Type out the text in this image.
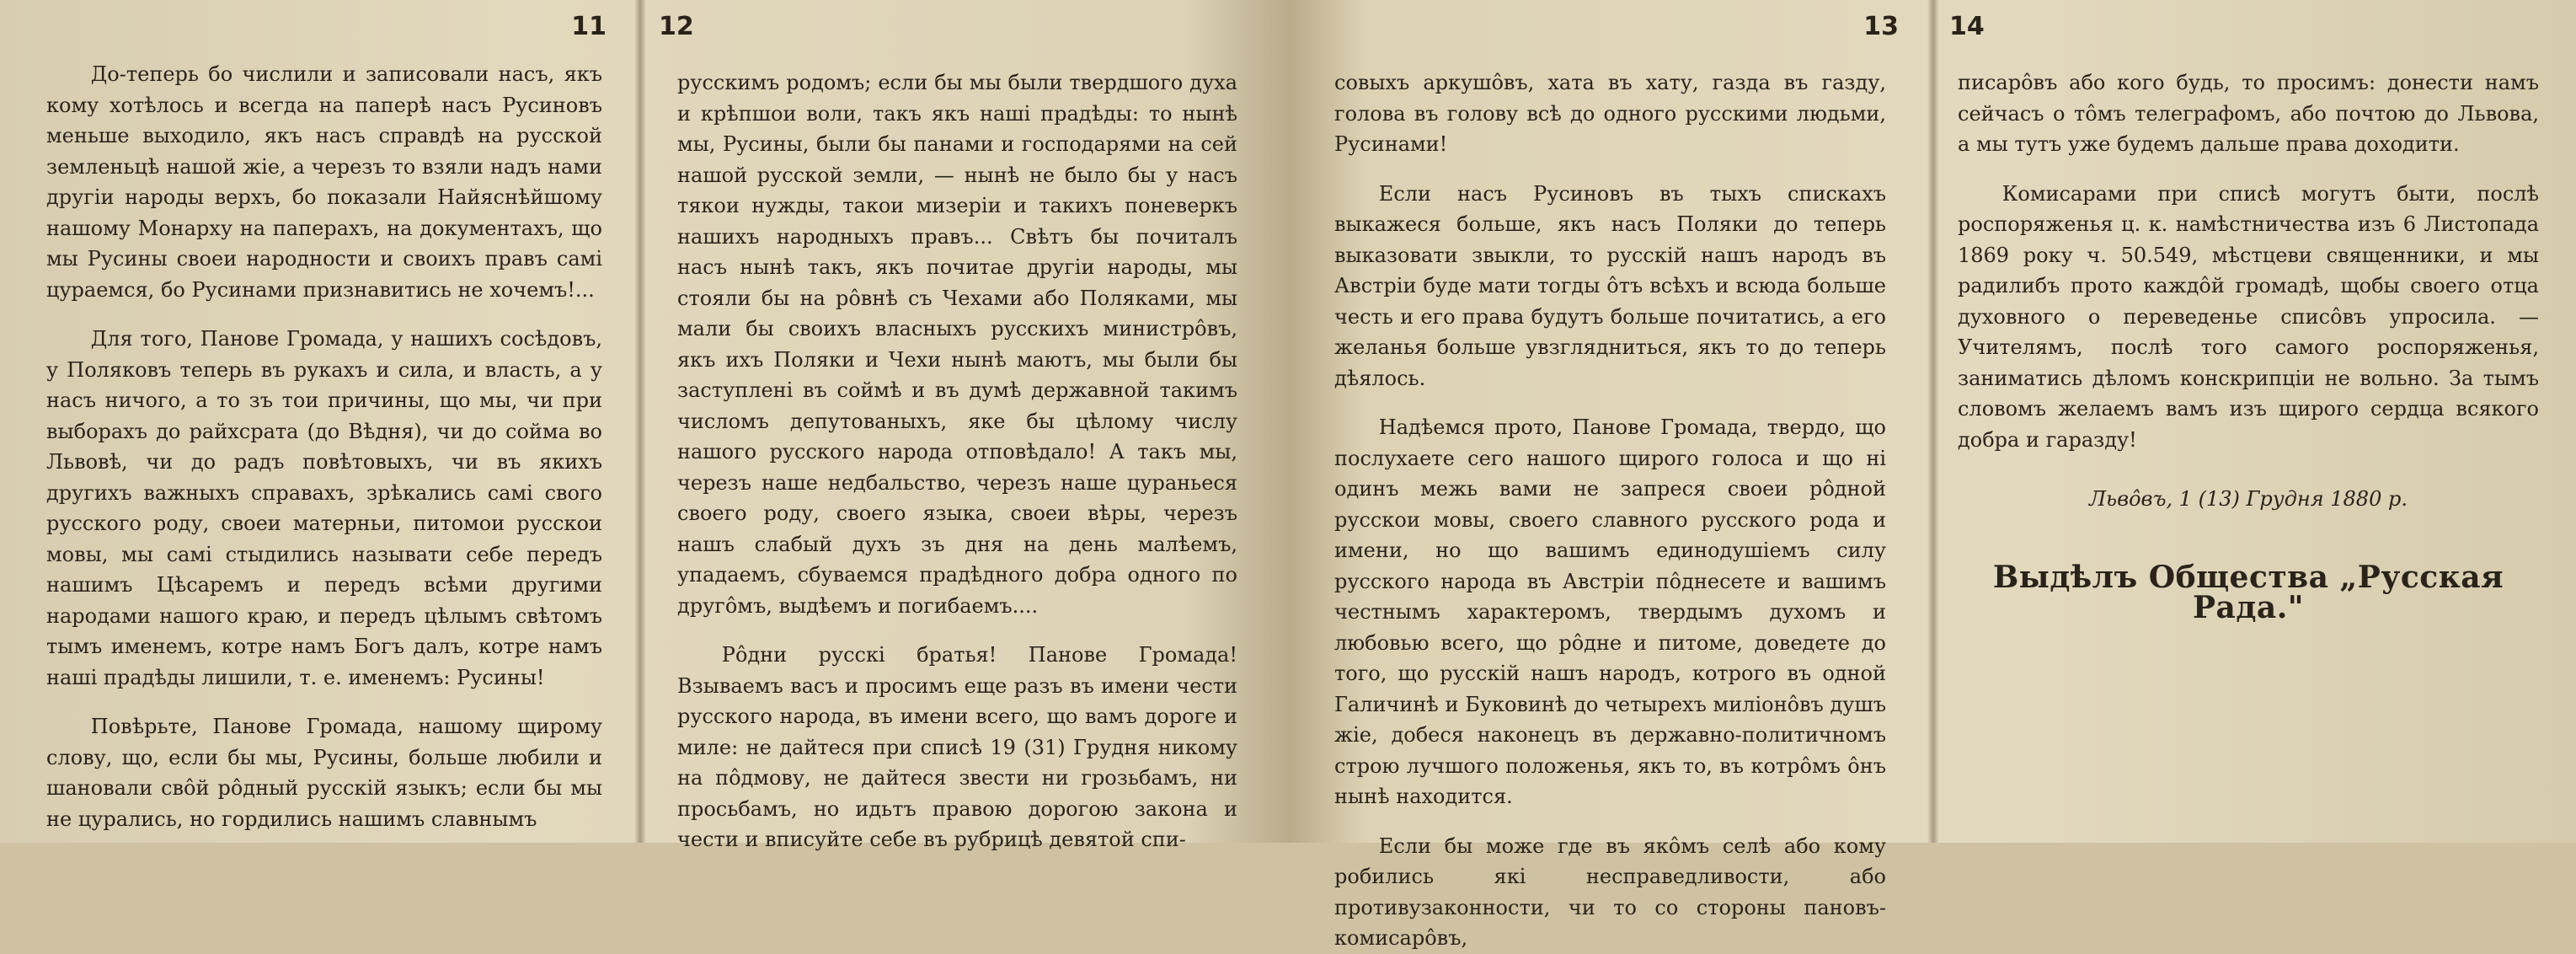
11

До-теперь бо числили и записовали насъ, якъ кому хотѣлось и всегда на паперѣ насъ Русиновъ меньше выходило, якъ насъ справдѣ на русской земленьцѣ нашой жіе, а черезъ то взяли надъ нами другіи народы верхъ, бо показали Найяснѣйшому нашому Монарху на паперахъ, на документахъ, що мы Русины своеи народности и своихъ правъ самі цураемся, бо Русинами признавитись не хочемъ!...

Для того, Панове Громада, у нашихъ сосѣдовъ, у Поляковъ теперь въ рукахъ и сила, и власть, а у насъ ничого, а то зъ тои причины, що мы, чи при выборахъ до райхсрата (до Вѣдня), чи до соймa во Львовѣ, чи до радъ повѣтовыхъ, чи въ якихъ другихъ важныхъ справахъ, зрѣкались самі свого русского роду, своеи матерньи, питомои русскои мовы, мы самі стыдились называти себе передъ нашимъ Цѣсаремъ и передъ всѣми другими народами нашого краю, и передъ цѣлымъ свѣтомъ тымъ именемъ, котре намъ Богъ далъ, котре намъ нашi прадѣды лишили, т. е. именемъ: Русины!

Повѣрьте, Панове Громада, нашому щирому слову, що, если бы мы, Русины, больше любили и шановали свôй рôдный русскій языкъ; если бы мы не цурались, но гордились нашимъ славнымъ

12

русскимъ родомъ; если бы мы были твердшого духа и крѣпшои воли, такъ якъ нашi прадѣды: то нынѣ мы, Русины, были бы панами и господарями на сей нашой русской земли, — нынѣ не было бы у насъ тякои нужды, такои мизеріи и такихъ поневеркъ нашихъ народныхъ правъ... Свѣтъ бы почиталъ насъ нынѣ такъ, якъ почитае другiи народы, мы стояли бы на рôвнѣ съ Чехами або Поляками, мы мали бы своихъ власныхъ русскихъ министрôвъ, якъ ихъ Поляки и Чехи нынѣ маютъ, мы были бы заступленi въ соймѣ и въ думѣ державной такимъ числомъ депутованыхъ, яке бы цѣлому числу нашого русского народа отповѣдало! А такъ мы, черезъ наше недбальство, черезъ наше цураньеся своего роду, своего языка, своеи вѣры, черезъ нашъ слабый духъ зъ дня на день малѣемъ, упадаемъ, сбуваемся прадѣдного добра одного по другôмъ, выдѣемъ и погибаемъ....

Рôдни русскi братья! Панове Громада! Взываемъ васъ и просимъ еще разъ въ имени чести русского народа, въ имени всего, що вамъ дороге и миле: не дайтеся при списѣ 19 (31) Грудня никому на пôдмову, не дайтеся звести ни грозьбамъ, ни просьбамъ, но идьтъ правою дорогою закона и чести и вписуйте себе въ рубрицѣ девятой спи-

13

совыхъ аркушôвъ, хата въ хату, газда въ газду, голова въ голову всѣ до одного русскими людьми, Русинами!

Если насъ Русиновъ въ тыхъ спискахъ выкажеся больше, якъ насъ Поляки до теперь выказовати звыкли, то русскій нашъ народъ въ Австріи буде мати тогды ôтъ всѣхъ и всюда больше честь и его права будутъ больше почитатись, а его желанья больше увзглядниться, якъ то до теперь дѣялось.

Надѣемся прото, Панове Громада, твердо, що послухаете сего нашого щирого голоса и що нi одинъ межь вами не запреся своеи рôдной русскои мовы, своего славного русского рода и имени, но що вашимъ единодушіемъ силу русского народа въ Австріи пôднесете и вашимъ честнымъ характеромъ, твердымъ духомъ и любовью всего, що рôдне и питоме, доведете до того, що русскій нашъ народъ, котрого въ одной Галичинѣ и Буковинѣ до четырехъ миліонôвъ душъ жіе, добеся наконецъ въ державно-политичномъ строю лучшого положенья, якъ то, въ котрôмъ ôнъ нынѣ находится.

Если бы може где въ якôмъ селѣ або кому робились якi несправедливости, або противузаконности, чи то со стороны пановъ-комисарôвъ,

14

писарôвъ або кого будь, то просимъ: донести намъ сейчасъ о тôмъ телеграфомъ, або почтою до Львова, а мы тутъ уже будемъ дальше права доходити.

Комисарами при списѣ могутъ быти, послѣ роспоряженья ц. к. намѣстничества изъ 6 Листопада 1869 року ч. 50.549, мѣстцеви священники, и мы радилибъ прото каждôй громадѣ, щобы своего отца духовного о переведенье списôвъ упросила. — Учителямъ, послѣ того самого роспоряженья, заниматись дѣломъ конскрипціи не вольно. За тымъ словомъ желаемъ вамъ изъ щирого сердца всякого добра и гаразду!

Львôвъ, 1 (13) Грудня 1880 р.

Выдѣлъ Общества „Русская Рада."
